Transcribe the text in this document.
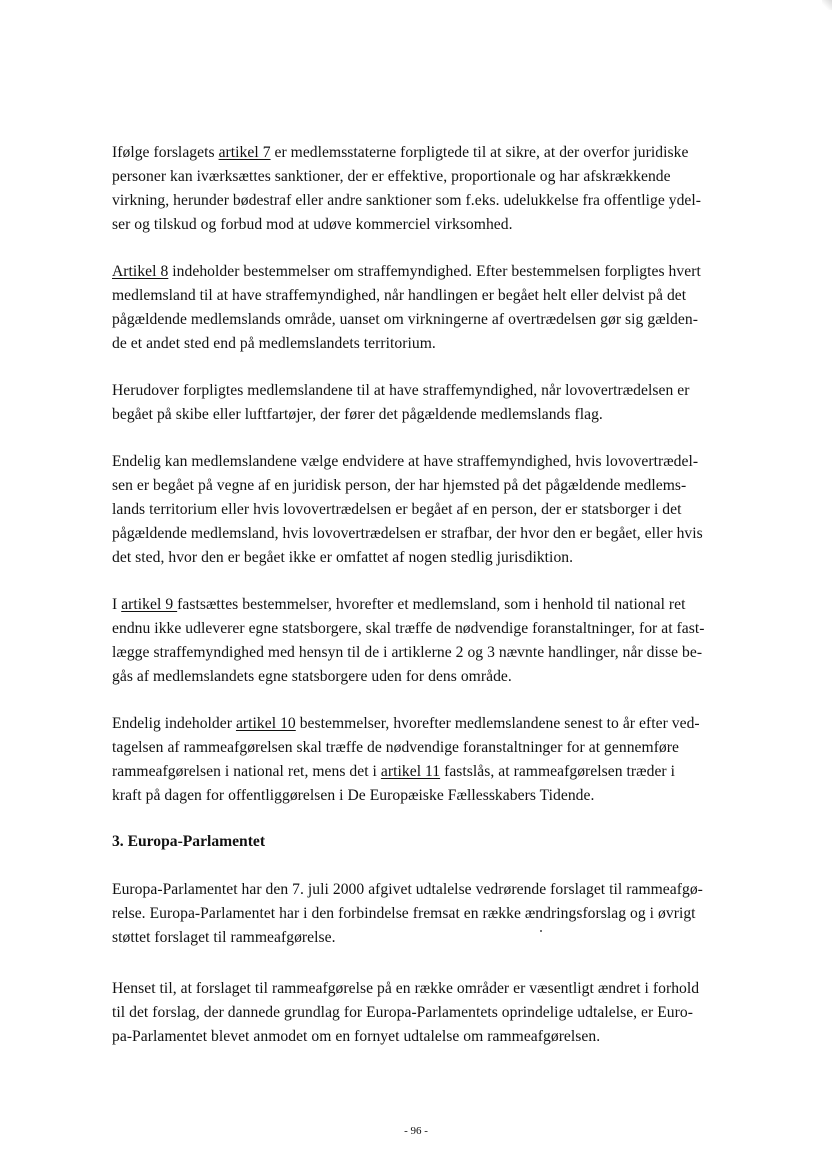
Ifølge forslagets artikel 7 er medlemsstaterne forpligtede til at sikre, at der overfor juridiske
personer kan iværksættes sanktioner, der er effektive, proportionale og har afskrækkende
virkning, herunder bødestraf eller andre sanktioner som f.eks. udelukkelse fra offentlige ydel-
ser og tilskud og forbud mod at udøve kommerciel virksomhed.
Artikel 8 indeholder bestemmelser om straffemyndighed. Efter bestemmelsen forpligtes hvert
medlemsland til at have straffemyndighed, når handlingen er begået helt eller delvist på det
pågældende medlemslands område, uanset om virkningerne af overtrædelsen gør sig gælden-
de et andet sted end på medlemslandets territorium.
Herudover forpligtes medlemslandene til at have straffemyndighed, når lovovertrædelsen er
begået på skibe eller luftfartøjer, der fører det pågældende medlemslands flag.
Endelig kan medlemslandene vælge endvidere at have straffemyndighed, hvis lovovertrædel-
sen er begået på vegne af en juridisk person, der har hjemsted på det pågældende medlems-
lands territorium eller hvis lovovertrædelsen er begået af en person, der er statsborger i det
pågældende medlemsland, hvis lovovertrædelsen er strafbar, der hvor den er begået, eller hvis
det sted, hvor den er begået ikke er omfattet af nogen stedlig jurisdiktion.
I artikel 9 fastsættes bestemmelser, hvorefter et medlemsland, som i henhold til national ret
endnu ikke udleverer egne statsborgere, skal træffe de nødvendige foranstaltninger, for at fast-
lægge straffemyndighed med hensyn til de i artiklerne 2 og 3 nævnte handlinger, når disse be-
gås af medlemslandets egne statsborgere uden for dens område.
Endelig indeholder artikel 10 bestemmelser, hvorefter medlemslandene senest to år efter ved-
tagelsen af rammeafgørelsen skal træffe de nødvendige foranstaltninger for at gennemføre
rammeafgørelsen i national ret, mens det i artikel 11 fastslås, at rammeafgørelsen træder i
kraft på dagen for offentliggørelsen i De Europæiske Fællesskabers Tidende.
3. Europa-Parlamentet
Europa-Parlamentet har den 7. juli 2000 afgivet udtalelse vedrørende forslaget til rammeafgø-
relse. Europa-Parlamentet har i den forbindelse fremsat en række ændringsforslag og i øvrigt
støttet forslaget til rammeafgørelse.
Henset til, at forslaget til rammeafgørelse på en række områder er væsentligt ændret i forhold
til det forslag, der dannede grundlag for Europa-Parlamentets oprindelige udtalelse, er Euro-
pa-Parlamentet blevet anmodet om en fornyet udtalelse om rammeafgørelsen.
- 96 -
